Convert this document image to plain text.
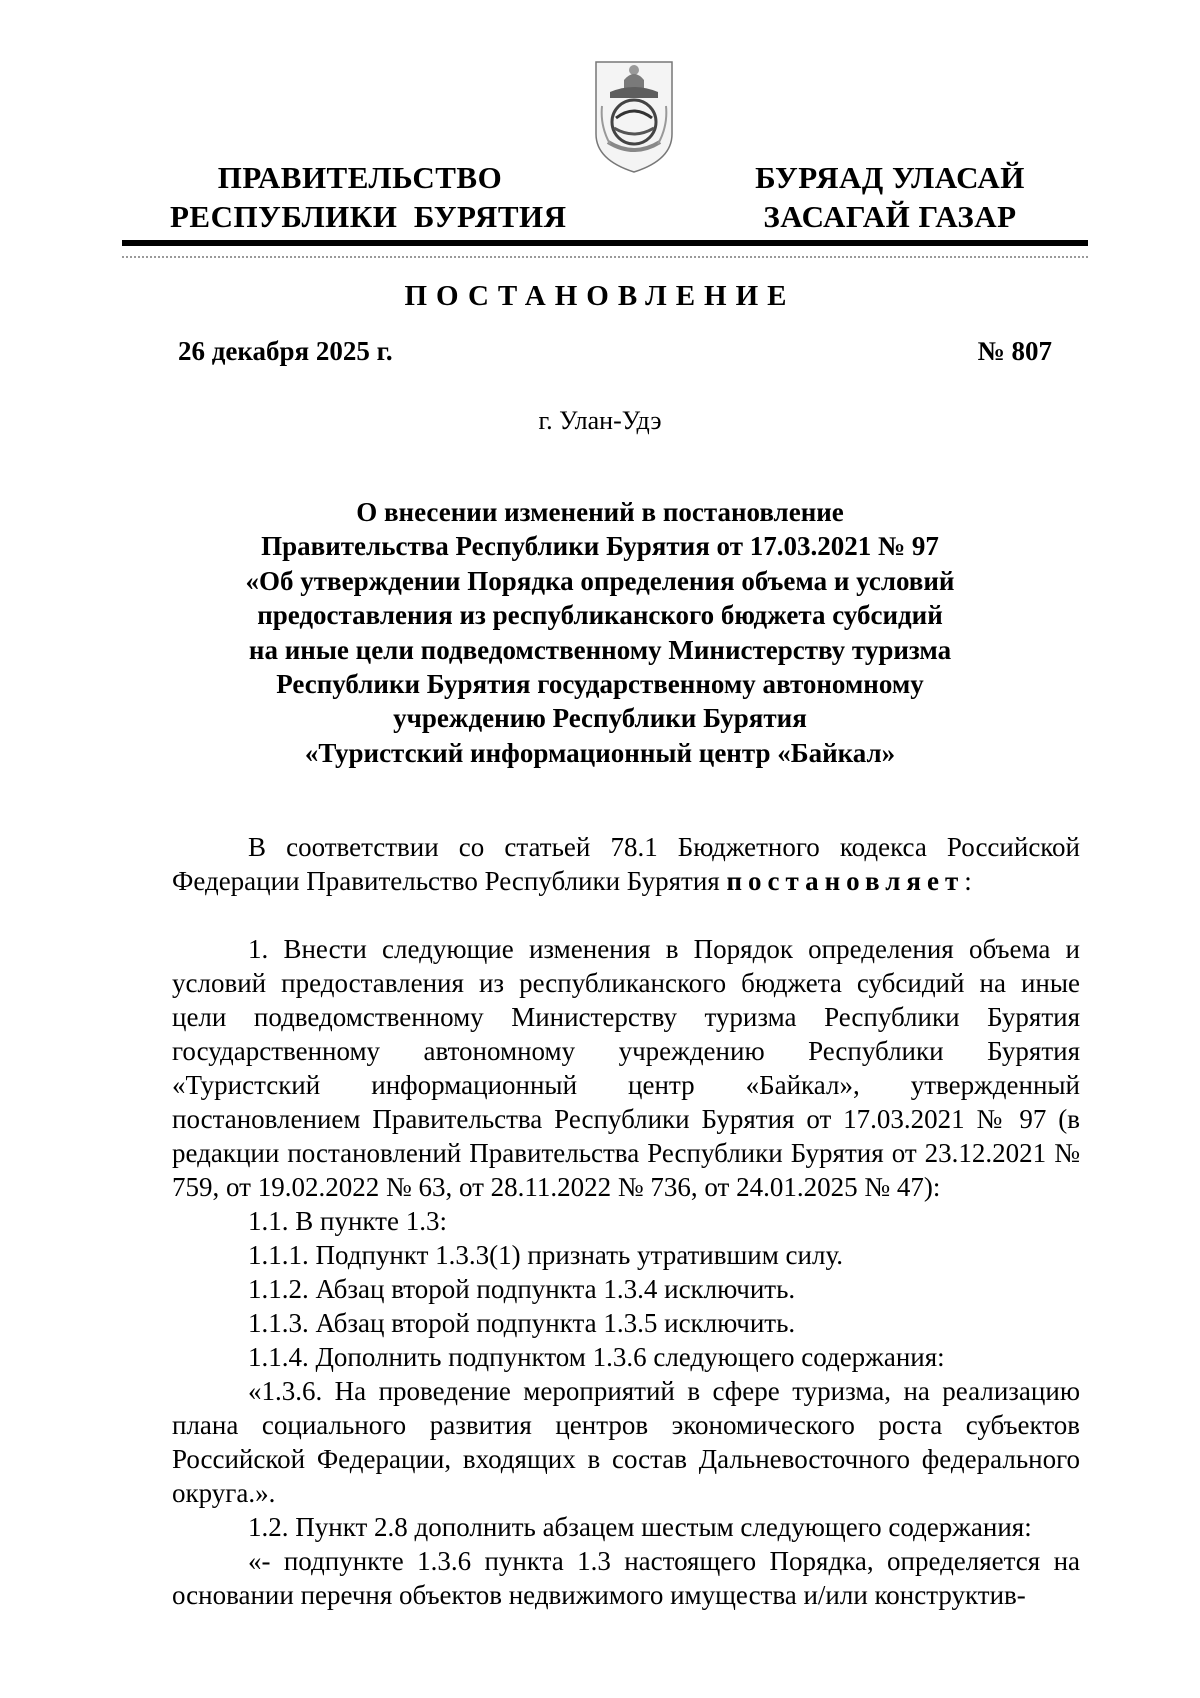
ПРАВИТЕЛЬСТВО
РЕСПУБЛИКИ  БУРЯТИЯ
БУРЯАД УЛАСАЙ
ЗАСАГАЙ ГАЗАР
ПОСТАНОВЛЕНИЕ
26 декабря 2025 г.	№ 807
г. Улан-Удэ
О внесении изменений в постановление
Правительства Республики Бурятия от 17.03.2021 № 97
«Об утверждении Порядка определения объема и условий
предоставления из республиканского бюджета субсидий
на иные цели подведомственному Министерству туризма
Республики Бурятия государственному автономному
учреждению Республики Бурятия
«Туристский информационный центр «Байкал»

В соответствии со статьей 78.1 Бюджетного кодекса Российской Федерации Правительство Республики Бурятия постановляет:

1. Внести следующие изменения в Порядок определения объема и условий предоставления из республиканского бюджета субсидий на иные цели подведомственному Министерству туризма Республики Бурятия государственному автономному учреждению Республики Бурятия «Туристский информационный центр «Байкал», утвержденный постановлением Правительства Республики Бурятия от 17.03.2021 № 97 (в редакции постановлений Правительства Республики Бурятия от 23.12.2021 № 759, от 19.02.2022 № 63, от 28.11.2022 № 736, от 24.01.2025 № 47):

1.1. В пункте 1.3:

1.1.1. Подпункт 1.3.3(1) признать утратившим силу.

1.1.2. Абзац второй подпункта 1.3.4 исключить.

1.1.3. Абзац второй подпункта 1.3.5 исключить.

1.1.4. Дополнить подпунктом 1.3.6 следующего содержания:

«1.3.6. На проведение мероприятий в сфере туризма, на реализацию плана социального развития центров экономического роста субъектов Российской Федерации, входящих в состав Дальневосточного федерального округа.».

1.2. Пункт 2.8 дополнить абзацем шестым следующего содержания:

«- подпункте 1.3.6 пункта 1.3 настоящего Порядка, определяется на основании перечня объектов недвижимого имущества и/или конструктив-
